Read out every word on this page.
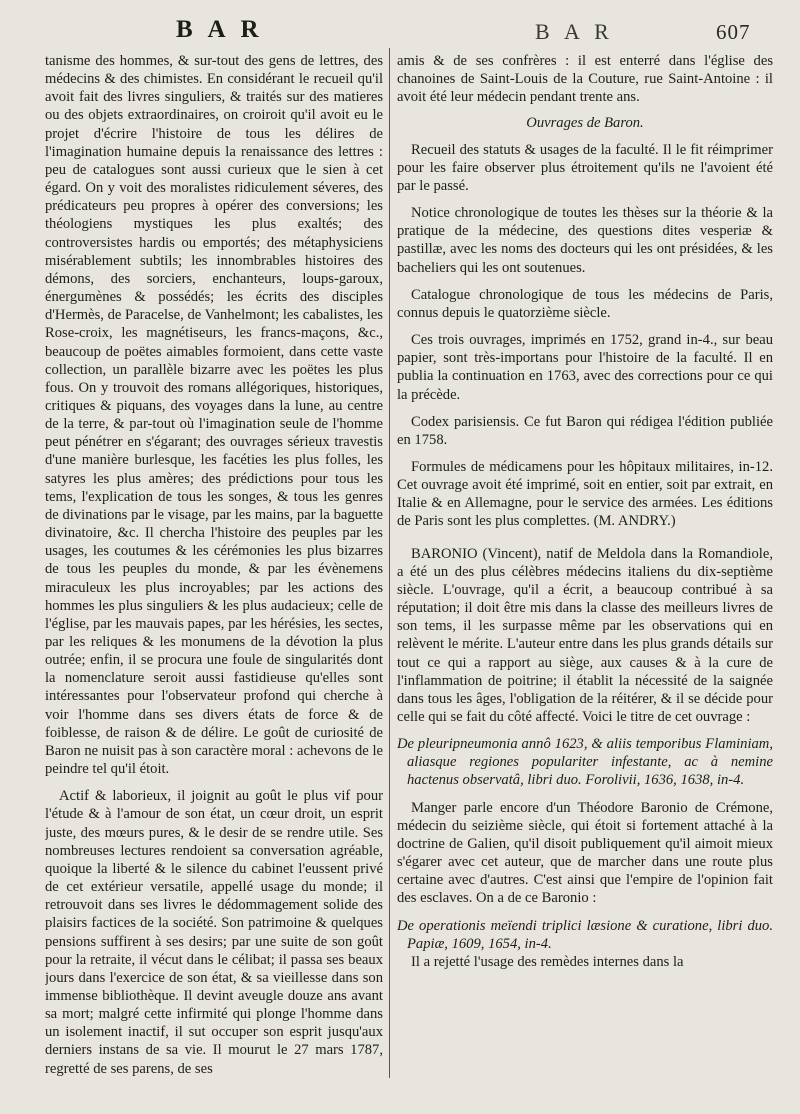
B A R	B A R	607

tanisme des hommes, & sur-tout des gens de lettres, des médecins & des chimistes. En considérant le recueil qu'il avoit fait des livres singuliers, & traités sur des matieres ou des objets extraordinaires, on croiroit qu'il avoit eu le projet d'écrire l'histoire de tous les délires de l'imagination humaine depuis la renaissance des lettres : peu de catalogues sont aussi curieux que le sien à cet égard. On y voit des moralistes ridiculement séveres, des prédicateurs peu propres à opérer des conversions; les théologiens mystiques les plus exaltés; des controversistes hardis ou emportés; des métaphysiciens misérablement subtils; les innombrables histoires des démons, des sorciers, enchanteurs, loups-garoux, énergumènes & possédés; les écrits des disciples d'Hermès, de Paracelse, de Vanhelmont; les cabalistes, les Rose-croix, les magnétiseurs, les francs-maçons, &c., beaucoup de poëtes aimables formoient, dans cette vaste collection, un parallèle bizarre avec les poëtes les plus fous. On y trouvoit des romans allégoriques, historiques, critiques & piquans, des voyages dans la lune, au centre de la terre, & par-tout où l'imagination seule de l'homme peut pénétrer en s'égarant; des ouvrages sérieux travestis d'une manière burlesque, les facéties les plus folles, les satyres les plus amères; des prédictions pour tous les tems, l'explication de tous les songes, & tous les genres de divinations par le visage, par les mains, par la baguette divinatoire, &c. Il chercha l'histoire des peuples par les usages, les coutumes & les cérémonies les plus bizarres de tous les peuples du monde, & par les évènemens miraculeux les plus incroyables; par les actions des hommes les plus singuliers & les plus audacieux; celle de l'église, par les mauvais papes, par les hérésies, les sectes, par les reliques & les monumens de la dévotion la plus outrée; enfin, il se procura une foule de singularités dont la nomenclature seroit aussi fastidieuse qu'elles sont intéressantes pour l'observateur profond qui cherche à voir l'homme dans ses divers états de force & de foiblesse, de raison & de délire. Le goût de curiosité de Baron ne nuisit pas à son caractère moral : achevons de le peindre tel qu'il étoit.

Actif & laborieux, il joignit au goût le plus vif pour l'étude & à l'amour de son état, un cœur droit, un esprit juste, des mœurs pures, & le desir de se rendre utile. Ses nombreuses lectures rendoient sa conversation agréable, quoique la liberté & le silence du cabinet l'eussent privé de cet extérieur versatile, appellé usage du monde; il retrouvoit dans ses livres le dédommagement solide des plaisirs factices de la société. Son patrimoine & quelques pensions suffirent à ses desirs; par une suite de son goût pour la retraite, il vécut dans le célibat; il passa ses beaux jours dans l'exercice de son état, & sa vieillesse dans son immense bibliothèque. Il devint aveugle douze ans avant sa mort; malgré cette infirmité qui plonge l'homme dans un isolement inactif, il sut occuper son esprit jusqu'aux derniers instans de sa vie. Il mourut le 27 mars 1787, regretté de ses parens, de ses

amis & de ses confrères : il est enterré dans l'église des chanoines de Saint-Louis de la Couture, rue Saint-Antoine : il avoit été leur médecin pendant trente ans.

Ouvrages de Baron.

Recueil des statuts & usages de la faculté. Il le fit réimprimer pour les faire observer plus étroitement qu'ils ne l'avoient été par le passé.

Notice chronologique de toutes les thèses sur la théorie & la pratique de la médecine, des questions dites vesperiæ & pastillæ, avec les noms des docteurs qui les ont présidées, & les bacheliers qui les ont soutenues.

Catalogue chronologique de tous les médecins de Paris, connus depuis le quatorzième siècle.

Ces trois ouvrages, imprimés en 1752, grand in-4., sur beau papier, sont très-importans pour l'histoire de la faculté. Il en publia la continuation en 1763, avec des corrections pour ce qui la précède.

Codex parisiensis. Ce fut Baron qui rédigea l'édition publiée en 1758.

Formules de médicamens pour les hôpitaux militaires, in-12. Cet ouvrage avoit été imprimé, soit en entier, soit par extrait, en Italie & en Allemagne, pour le service des armées. Les éditions de Paris sont les plus complettes. (M. ANDRY.)

BARONIO (Vincent), natif de Meldola dans la Romandiole, a été un des plus célèbres médecins italiens du dix-septième siècle. L'ouvrage, qu'il a écrit, a beaucoup contribué à sa réputation; il doit être mis dans la classe des meilleurs livres de son tems, il les surpasse même par les observations qui en relèvent le mérite. L'auteur entre dans les plus grands détails sur tout ce qui a rapport au siège, aux causes & à la cure de l'inflammation de poitrine; il établit la nécessité de la saignée dans tous les âges, l'obligation de la réitérer, & il se décide pour celle qui se fait du côté affecté. Voici le titre de cet ouvrage :

De pleuripneumonia annô 1623, & aliis temporibus Flaminiam, aliasque regiones populariter infestante, ac à nemine hactenus observatâ, libri duo. Forolivii, 1636, 1638, in-4.

Manger parle encore d'un Théodore Baronio de Crémone, médecin du seizième siècle, qui étoit si fortement attaché à la doctrine de Galien, qu'il disoit publiquement qu'il aimoit mieux s'égarer avec cet auteur, que de marcher dans une route plus certaine avec d'autres. C'est ainsi que l'empire de l'opinion fait des esclaves. On a de ce Baronio :

De operationis meïendi triplici læsione & curatione, libri duo. Papiæ, 1609, 1654, in-4.

Il a rejetté l'usage des remèdes internes dans la
